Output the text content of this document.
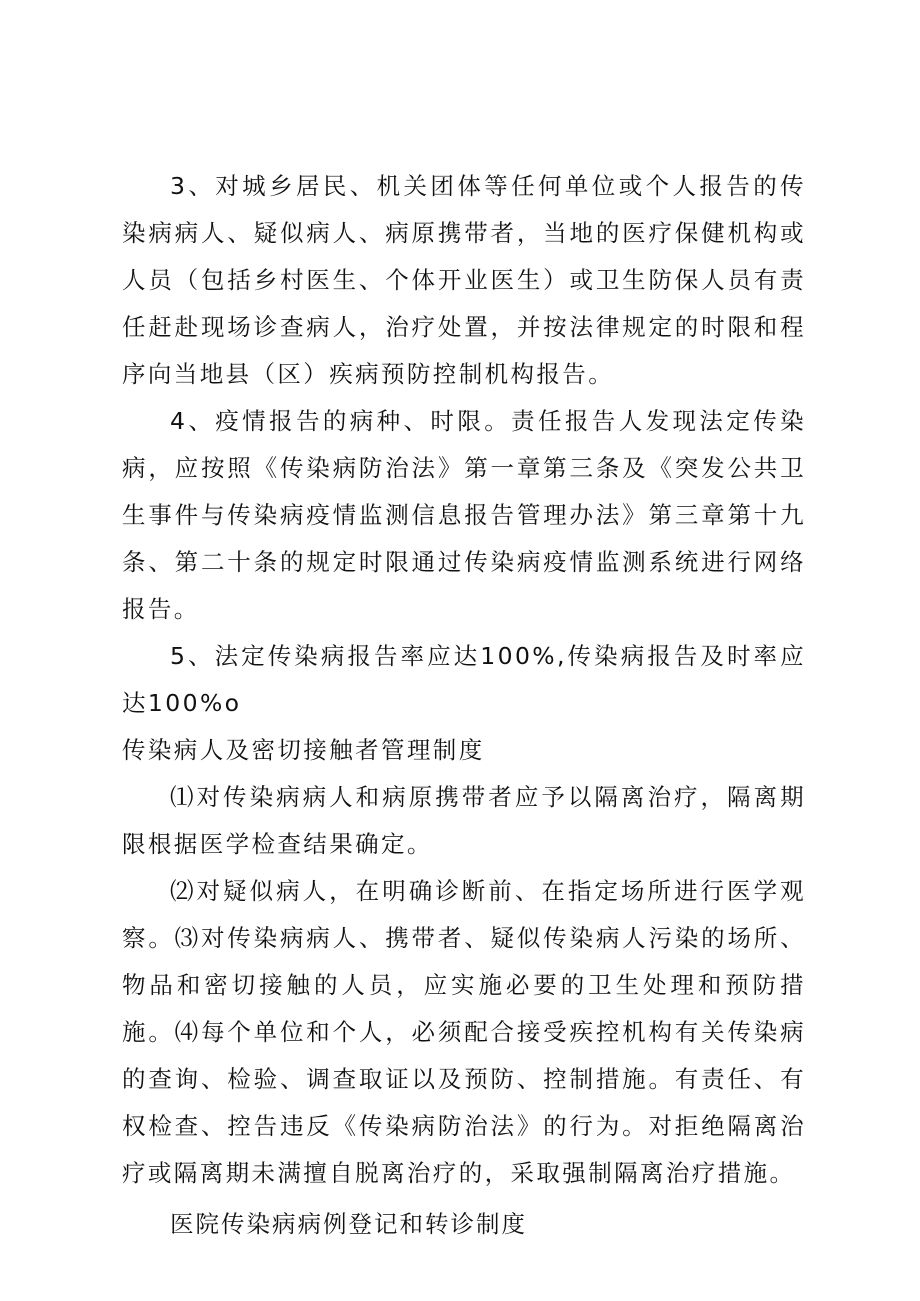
3、对城乡居民、机关团体等任何单位或个人报告的传染病病人、疑似病人、病原携带者，当地的医疗保健机构或人员（包括乡村医生、个体开业医生）或卫生防保人员有责任赶赴现场诊查病人，治疗处置，并按法律规定的时限和程序向当地县（区）疾病预防控制机构报告。

4、疫情报告的病种、时限。责任报告人发现法定传染病，应按照《传染病防治法》第一章第三条及《突发公共卫生事件与传染病疫情监测信息报告管理办法》第三章第十九条、第二十条的规定时限通过传染病疫情监测系统进行网络报告。

5、法定传染病报告率应达100%,传染病报告及时率应达100%o

传染病人及密切接触者管理制度

⑴对传染病病人和病原携带者应予以隔离治疗，隔离期限根据医学检查结果确定。

⑵对疑似病人，在明确诊断前、在指定场所进行医学观察。⑶对传染病病人、携带者、疑似传染病人污染的场所、物品和密切接触的人员，应实施必要的卫生处理和预防措施。⑷每个单位和个人，必须配合接受疾控机构有关传染病的查询、检验、调查取证以及预防、控制措施。有责任、有权检查、控告违反《传染病防治法》的行为。对拒绝隔离治疗或隔离期未满擅自脱离治疗的，采取强制隔离治疗措施。

医院传染病病例登记和转诊制度
